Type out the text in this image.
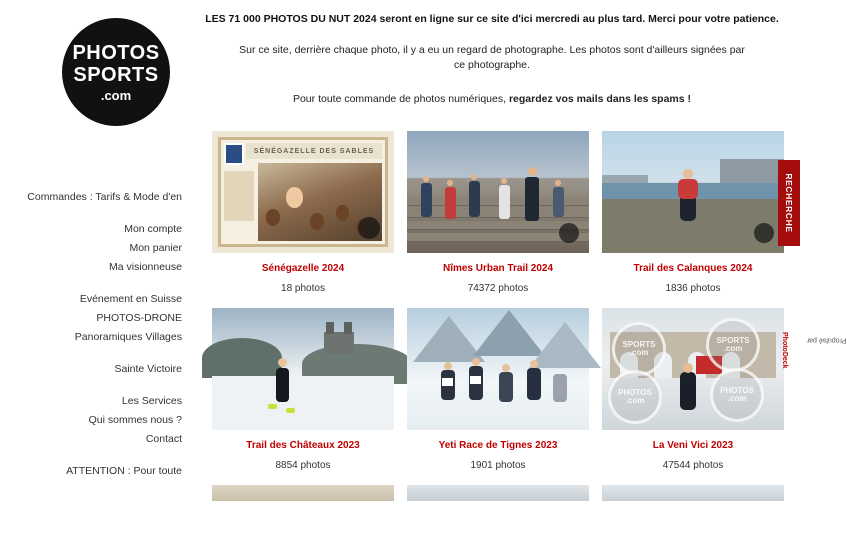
PHOTOS
SPORTS
.com
LES 71 000 PHOTOS DU NUT 2024 seront en ligne sur ce site d'ici mercredi au plus tard. Merci pour votre patience.
Sur ce site, derrière chaque photo, il y a eu un regard de photographe. Les photos sont d'ailleurs signées par ce photographe.
Pour toute commande de photos numériques, regardez vos mails dans les spams !
Commandes : Tarifs & Mode d'en
Mon compte
Mon panier
Ma visionneuse
Evénement en Suisse
PHOTOS-DRONE
Panoramiques Villages
Sainte Victoire
Les Services
Qui sommes nous ?
Contact
ATTENTION : Pour toute
SÉNÉGAZELLE DES SABLES
Sénégazelle 2024
18 photos
Nîmes Urban Trail 2024
74372 photos
Trail des Calanques 2024
1836 photos
Trail des Châteaux 2023
8854 photos
Yeti Race de Tignes 2023
1901 photos
SPORTS
.com
SPORTS
.com
PHOTOS
.com
PHOTOS
.com
La Veni Vici 2023
47544 photos
RECHERCHE
Propulsé par
PhotoDeck
